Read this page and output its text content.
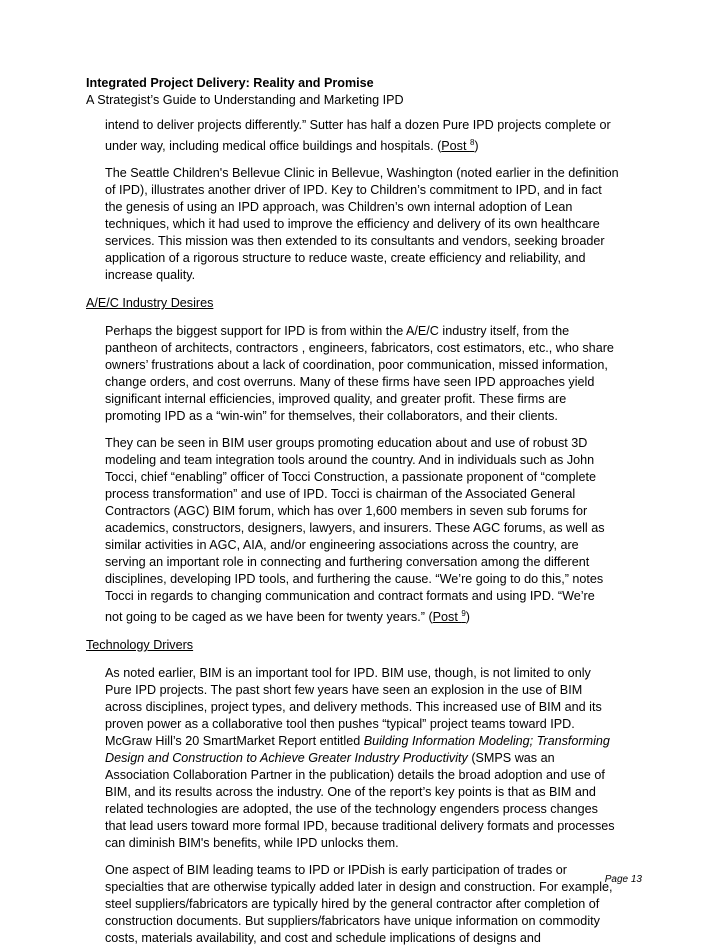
Integrated Project Delivery: Reality and Promise
A Strategist’s Guide to Understanding and Marketing IPD
intend to deliver projects differently.” Sutter has half a dozen Pure IPD projects complete or
under way, including medical office buildings and hospitals. (Post $^8$)
The Seattle Children's Bellevue Clinic in Bellevue, Washington (noted earlier in the definition
of IPD), illustrates another driver of IPD. Key to Children’s commitment to IPD, and in fact
the genesis of using an IPD approach, was Children’s own internal adoption of Lean
techniques, which it had used to improve the efficiency and delivery of its own healthcare
services. This mission was then extended to its consultants and vendors, seeking broader
application of a rigorous structure to reduce waste, create efficiency and reliability, and
increase quality.
A/E/C Industry Desires
Perhaps the biggest support for IPD is from within the A/E/C industry itself, from the
pantheon of architects, contractors , engineers, fabricators, cost estimators, etc., who share
owners’ frustrations about a lack of coordination, poor communication, missed information,
change orders, and cost overruns. Many of these firms have seen IPD approaches yield
significant internal efficiencies, improved quality, and greater profit. These firms are
promoting IPD as a “win-win” for themselves, their collaborators, and their clients.
They can be seen in BIM user groups promoting education about and use of robust 3D
modeling and team integration tools around the country. And in individuals such as John
Tocci, chief “enabling” officer of Tocci Construction, a passionate proponent of “complete
process transformation” and use of IPD. Tocci is chairman of the Associated General
Contractors (AGC) BIM forum, which has over 1,600 members in seven sub forums for
academics, constructors, designers, lawyers, and insurers. These AGC forums, as well as
similar activities in AGC, AIA, and/or engineering associations across the country, are
serving an important role in connecting and furthering conversation among the different
disciplines, developing IPD tools, and furthering the cause. “We’re going to do this,” notes
Tocci in regards to changing communication and contract formats and using IPD. “We’re
not going to be caged as we have been for twenty years.” (Post $^9$)
Technology Drivers
As noted earlier, BIM is an important tool for IPD. BIM use, though, is not limited to only
Pure IPD projects. The past short few years have seen an explosion in the use of BIM
across disciplines, project types, and delivery methods. This increased use of BIM and its
proven power as a collaborative tool then pushes “typical” project teams toward IPD.
McGraw Hill’s 20 SmartMarket Report entitled Building Information Modeling; Transforming
Design and Construction to Achieve Greater Industry Productivity (SMPS was an
Association Collaboration Partner in the publication) details the broad adoption and use of
BIM, and its results across the industry. One of the report’s key points is that as BIM and
related technologies are adopted, the use of the technology engenders process changes
that lead users toward more formal IPD, because traditional delivery formats and processes
can diminish BIM's benefits, while IPD unlocks them.
One aspect of BIM leading teams to IPD or IPDish is early participation of trades or
specialties that are otherwise typically added later in design and construction. For example,
steel suppliers/fabricators are typically hired by the general contractor after completion of
construction documents. But suppliers/fabricators have unique information on commodity
costs, materials availability, and cost and schedule implications of designs and
Page 13
